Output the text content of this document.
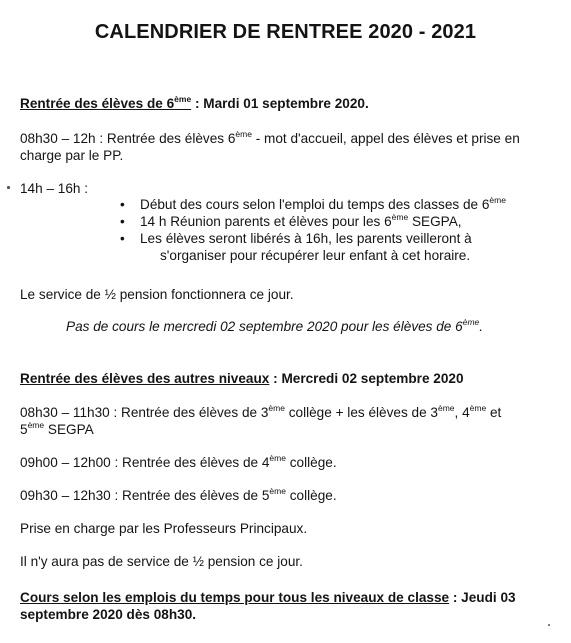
CALENDRIER DE RENTREE 2020 - 2021
Rentrée des élèves de 6ème : Mardi 01 septembre 2020.
08h30 – 12h : Rentrée des élèves 6ème - mot d'accueil, appel des élèves et prise en
charge par le PP.
14h – 16h :
• Début des cours selon l'emploi du temps des classes de 6ème
• 14 h Réunion parents et élèves pour les 6ème SEGPA,
• Les élèves seront libérés à 16h, les parents veilleront à
s'organiser pour récupérer leur enfant à cet horaire.
Le service de ½ pension fonctionnera ce jour.
Pas de cours le mercredi 02 septembre 2020 pour les élèves de 6ème.
Rentrée des élèves des autres niveaux : Mercredi 02 septembre 2020
08h30 – 11h30 : Rentrée des élèves de 3ème collège + les élèves de 3ème, 4ème et
5ème SEGPA
09h00 – 12h00 : Rentrée des élèves de 4ème collège.
09h30 – 12h30 : Rentrée des élèves de 5ème collège.
Prise en charge par les Professeurs Principaux.
Il n'y aura pas de service de ½ pension ce jour.
Cours selon les emplois du temps pour tous les niveaux de classe : Jeudi 03
septembre 2020 dès 08h30.
